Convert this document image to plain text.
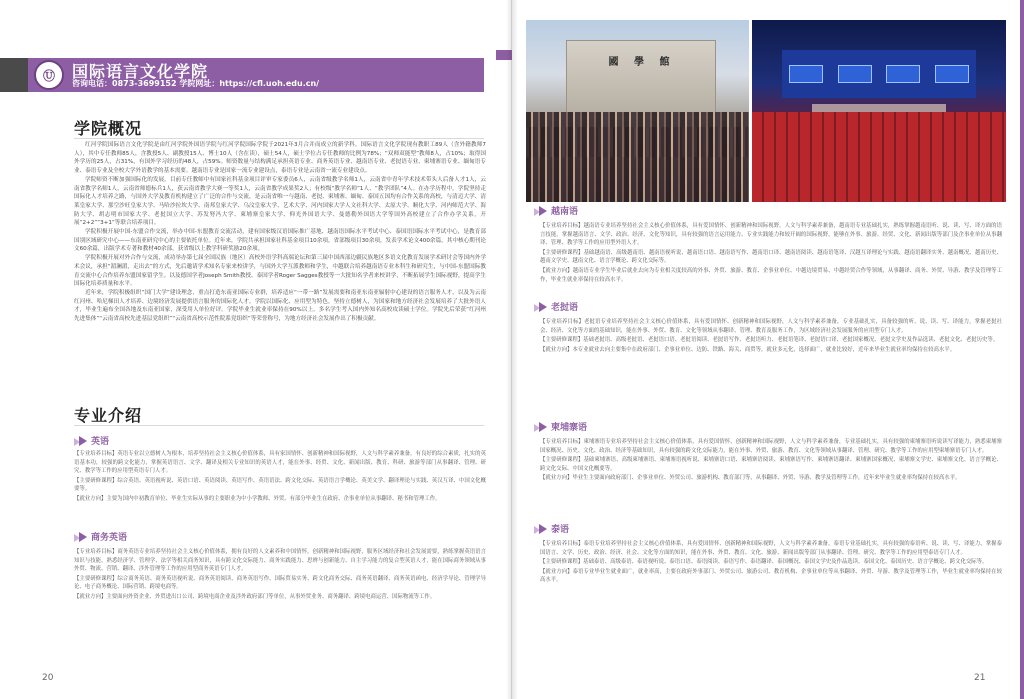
Ⓤ	国际语言文化学院
咨询电话：0873-3699152 学院网址：https://cfl.uoh.edu.cn/
学院概况

红河学院国际语言文化学院是由红河学院外国语学院与红河学院国际学院于2021年3月合并而成立的新学科。国际语言文化学院现有教职工89人（含外籍教师7人），其中专任教师85人，含教授5人、副教授15人、博士10人（含在读），硕士54人，硕士学位占专任教师的比例为78%；“双师双能型”教师8人，占10%；取得国外学历的25人，占31%，有国外学习经历的48人，占59%。师资数量与结构满足承担英语专业、商务英语专业、越南语专业、老挝语专业、柬埔寨语专业、缅甸语专业、泰语专业及全校大学外语教学的基本需要。越南语专业是国家一流专业建设点，泰语专业是云南省一流专业建设点。

学院师资不断加强国际化的发展，目前专任教师中有国家社科基金项目评审专家委员6人，云南省级教学名师1人，云南省中青年学术技术带头人后备人才1人，云南省教学名师1人，云南省师德标兵1人，获云南省教学大赛一等奖1人，云南省教学成果奖2人；有校级“教学名师”1人、“教学团队”4人。在办学历程中，学院坚持走国际化人才培养之路，与国外大学及教育机构建立了广泛的合作与交流，是云南省唯一与越南、老挝、柬埔寨、缅甸、泰国五国均有合作关系的高校，与清迈大学、清莱皇家大学、那空沙旺皇家大学、马哈沙拉坎大学、南邦皇家大学、乌汶皇家大学、艺术大学、河内国家大学人文社科大学、太原大学、顺化大学、河内师范大学、海防大学、胡志明市国家大学、老挝国立大学、苏发努冯大学、柬埔寨皇家大学、仰光外国语大学、曼德勒外国语大学等国外高校建立了合作办学关系，开展“2+2”“3+1”等联合培养项目。

学院积极开展中国-东盟合作交流，举办中国-东盟教育交流活动，建有国家级汉语国际推广基地、越南语国际水平考试中心、泰国语国际水平考试中心，是教育部国别区域研究中心——东南亚研究中心的主要依托单位。近年来，学院共承担国家社科基金项目10余项，省部级项目30余项，发表学术论文400余篇，其中核心期刊论文60余篇，出版学术专著和教材40余部，获省级以上教学科研奖励20余项。

学院积极开展对外合作与交流，成功举办第七届全国民族（地区）高校外语学科高端论坛和第三届中国西部边疆民族地区多语文化教育发展学术研讨会等国内外学术会议，承担“湄澜湄，走出去”的方式，先后邀请学术知名专家来校讲学，与国外大学互派教师和学生，中越联合培养越南语专业本科生和研究生，与中国-东盟国际教育交流中心合作培养东盟国家留学生。以及德国学者Joseph Smith教授、泰国学者Roger Sagges教授等一大批知名学者来校讲学，不断拓展学生国际视野，提高学生国际化培养质量和水平。

近年来，学院积极组织“国门大学”建设理念，重点打造东南亚国际专业群，培养适应“一带一路”发展需要和南亚东南亚辐射中心建设的语言服务人才，以及为云南红河州、哈尼梯田人才培养、边境经济发展提供语言服务的国际化人才。学院以国际化、应用型为特色，坚持立德树人，为国家和地方经济社会发展培养了大批外语人才，毕业生遍布全国各地及东南亚国家，深受用人单位好评。学院毕业生就业率保持在90%以上，多名学生考入国内外知名高校攻读硕士学位。学院先后荣获“红河州先进集体”“云南省高校先进基层党组织”“云南省高校示范性院系党组织”等荣誉称号，为地方经济社会发展作出了积极贡献。

专业介绍
英语

【专业培养目标】英语专业以立德树人为根本，培养坚持社会主义核心价值体系，具有家国情怀、创新精神和国际视野，人文与科学素养兼备，有良好的综合素质，扎实的英语基本功，较强的跨文化能力，掌握英语语言、文学、翻译及相关专业知识的英语人才，能在外事、经贸、文化、新闻出版、教育、科研、旅游等部门从事翻译、管理、研究、教学等工作的应用型英语专门人才。

【主要研修课程】综合英语、英语视听说、英语口语、英语阅读、英语写作、英语语法、跨文化交际、英语语言学概论、英美文学、翻译理论与实践、英汉互译、中国文化概要等。

【就业方向】主要为国内中初教育单位、毕业生实际从事的主要职业为中小学教师、外贸、有部分毕业生在政府、企事业单位从事翻译、秘书和管理工作。

商务英语

【专业培养目标】商务英语专业培养坚持社会主义核心价值体系，拥有良好的人文素养和中国情怀，创新精神和国际视野，服务区域经济和社会发展需要，熟练掌握英语语言知识与技能，熟悉经济学、管理学、法学等相关商务知识，具有跨文化交际能力、商务实践能力、思辨与创新能力、自主学习能力的复合型英语人才，能在国际商务领域从事外贸、物流、营销、翻译、涉外管理等工作的应用型商务英语专门人才。

【主要研修课程】综合商务英语、商务英语视听说、商务英语阅读、商务英语写作、国际贸易实务、跨文化商务交际、商务英语翻译、商务英语函电、经济学导论、管理学导论、电子商务概论、国际营销、跨境电商等。

【就业方向】主要面向外资企业、外贸进出口公司、跨境电商企业及涉外政府部门等单位，从事外贸业务、商务翻译、跨境电商运营、国际物流等工作。

20
國 學 館
越南语

【专业培养目标】越南语专业培养坚持社会主义核心价值体系，具有爱国情怀、创新精神和国际视野，人文与科学素养兼备，越南语专业基础扎实，熟练掌握越南语听、说、读、写、译方面的语言技能，掌握越南语言、文学、政治、经济、文化等知识，具有较强的语言运用能力、专业实践能力和较开阔的国际视野，能够在外事、旅游、经贸、文化、新闻出版等部门及企事业单位从事翻译、管理、教学等工作的应用型外语人才。

【主要研修课程】基础越南语、高级越南语、越南语视听说、越南语口语、越南语写作、越南语口译、越南语阅读、越南语笔译、汉越互译理论与实践、越南语翻译实务、越南概况、越南历史、越南文学史、越南文化、语言学概论、跨文化交际等。

【就业方向】越南语专业学生毕业后就业去向为专业相关度较高的外事、外贸、旅游、教育、企事业单位、中越边境贸易、中越经贸合作等领域，从事翻译、商务、外贸、导游、教学及管理等工作，毕业生就业率保持在较高水平。

老挝语

【专业培养目标】老挝语专业培养坚持社会主义核心价值体系，具有爱国情怀、创新精神和国际视野，人文与科学素养兼备，专业基础扎实，具备较强的听、说、读、写、译能力，掌握老挝社会、经济、文化等方面的基础知识，能在外事、外贸、教育、文化等领域从事翻译、管理、教育及服务工作，为区域经济社会发展服务的应用型专门人才。

【主要研修课程】基础老挝语、高级老挝语、老挝语口语、老挝语阅读、老挝语写作、老挝语听力、老挝语笔译、老挝语口译、老挝国家概况、老挝文学史及作品选读、老挝文化、老挝历史等。

【就业方向】本专业就业去向主要集中在政府部门、企事业单位、边防、铁路、海关、商贸等，就业多元化，选择面广，就业比较好，近年来毕业生就业率均保持在较高水平。

柬埔寨语

【专业培养目标】柬埔寨语专业培养坚持社会主义核心价值体系，具有爱国情怀、创新精神和国际视野，人文与科学素养兼备，专业基础扎实，具有较强的柬埔寨语听说读写译能力，熟悉柬埔寨国家概况、历史、文化、政治、经济等基础知识，具有较强的跨文化交际能力，能在外事、外贸、旅游、教育、文化等领域从事翻译、管理、研究、教学等工作的应用型柬埔寨语专门人才。

【主要研修课程】基础柬埔寨语、高级柬埔寨语、柬埔寨语视听说、柬埔寨语口语、柬埔寨语阅读、柬埔寨语写作、柬埔寨语翻译、柬埔寨国家概况、柬埔寨文学史、柬埔寨文化、语言学概论、跨文化交际、中国文化概要等。

【就业方向】毕业生主要面向政府部门、企事业单位、外贸公司、旅游机构、教育部门等，从事翻译、外贸、导游、教学及管理等工作，近年来毕业生就业率均保持在较高水平。

泰语

【专业培养目标】泰语专业培养坚持社会主义核心价值体系，具有爱国情怀、创新精神和国际视野，人文与科学素养兼备，泰语专业基础扎实，具有较强的泰语听、说、读、写、译能力，掌握泰国语言、文学、历史、政治、经济、社会、文化等方面的知识，能在外事、外贸、教育、文化、旅游、新闻出版等部门从事翻译、管理、研究、教学等工作的应用型泰语专门人才。

【主要研修课程】基础泰语、高级泰语、泰语视听说、泰语口语、泰语阅读、泰语写作、泰语翻译、泰国概况、泰国文学史及作品选读、泰国文化、泰国历史、语言学概论、跨文化交际等。

【就业方向】泰语专业毕业生就业面广，就业率高，主要在政府外事部门、外贸公司、旅游公司、教育机构、企事业单位等从事翻译、外贸、导游、教学及管理等工作，毕业生就业率均保持在较高水平。

21
